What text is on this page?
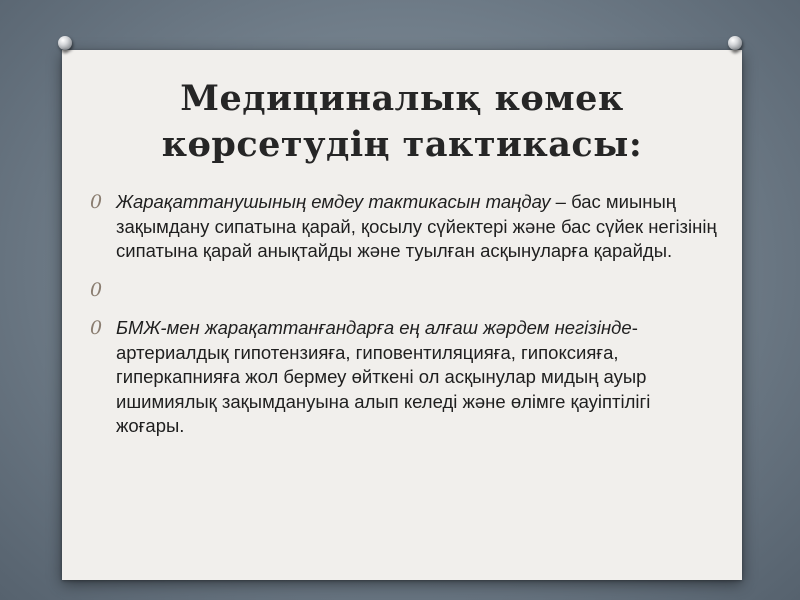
Медициналық көмек
көрсетудің тактикасы:
0 Жарақаттанушының емдеу тактикасын таңдау – бас миының зақымдану сипатына қарай, қосылу сүйектері және бас сүйек негізінің сипатына қарай анықтайды және туылған асқынуларға қарайды.
0
0 БМЖ-мен жарақаттанғандарға ең алғаш жәрдем негізінде- артериалдық гипотензияға, гиповентиляцияға, гипоксияға, гиперкапнияға жол бермеу өйткені ол асқынулар мидың ауыр ишимиялық зақымдануына алып келеді және өлімге қауіптілігі жоғары.
